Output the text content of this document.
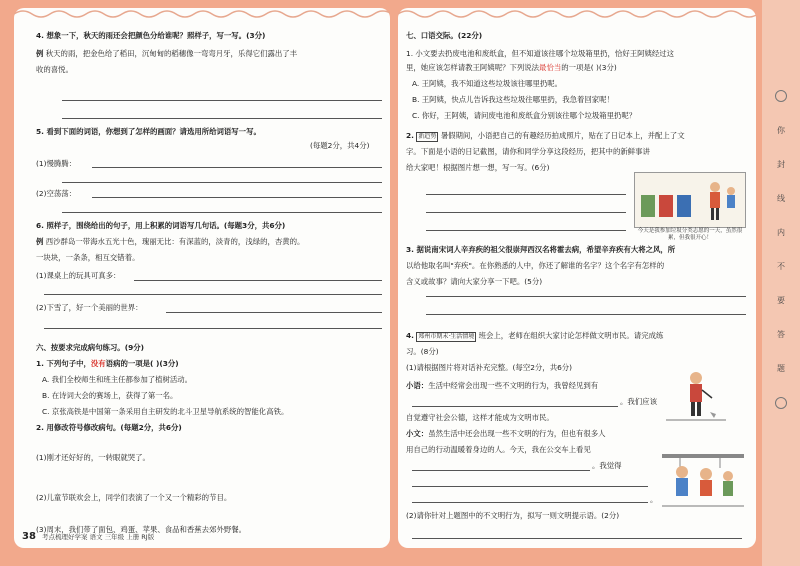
4. 想象一下，秋天的雨还会把颜色分给谁呢？照样子，写一写。(3分)
例 秋天的雨，把金色给了稻田，沉甸甸的稻穗像一弯弯月牙，乐得它们露出了丰
收的喜悦。
5. 看到下面的词语，你想到了怎样的画面？请选用所给词语写一写。
(每题2分，共4分)
(1)慢腾腾：
(2)空荡荡：
6. 照样子，围绕给出的句子，用上积累的词语写几句话。(每题3分，共6分)
例 西沙群岛一带海水五光十色，瑰丽无比：有深蓝的，淡青的，浅绿的，杏黄的。
一块块，一条条，相互交错着。
(1)课桌上的玩具可真多：
(2)下雪了，好一个美丽的世界：
六、按要求完成病句练习。(9分)
1. 下列句子中，没有语病的一项是( )(3分)
A. 我们全校师生和班主任都参加了植树活动。
B. 在诗词大会的赛场上，获得了第一名。
C. 京张高铁是中国第一条采用自主研发的北斗卫星导航系统的智能化高铁。
2. 用修改符号修改病句。(每题2分，共6分)
(1)刚才还好好的，一转眼就哭了。
(2)儿童节联欢会上，同学们表演了一个又一个精彩的节目。
(3)周末，我们带了面包、鸡蛋、苹果、食品和香蕉去郊外野餐。
38 考点梳理好学案 语文 三年级 上册 RJ版
七、口语交际。(22分)
1. 小文要去扔废电池和废纸盒，但不知道该往哪个垃圾箱里扔，恰好王阿姨经过这
里，她应该怎样请教王阿姨呢？下列说法最恰当的一项是( )(3分)
A. 王阿姨，我不知道这些垃圾该往哪里扔呢。
B. 王阿姨，快点儿告诉我这些垃圾往哪里扔，我急着回家呢！
C. 你好，王阿姨，请问废电池和废纸盒分别该往哪个垃圾箱里扔呢？
2. 新趋势 暑假期间，小语把自己的有趣经历拍成照片，贴在了日记本上，并配上了文
字。下面是小语的日记截图，请你和同学分享这段经历，把其中的新鲜事讲
给大家吧！根据图片想一想，写一写。(6分)
今天是我参加垃圾分类志愿的一天，虽然很累，但我很开心！
3. 据说南宋词人辛弃疾的祖父很崇拜西汉名将霍去病，希望辛弃疾有大将之风，所
以给他取名叫"弃疾"。在你熟悉的人中，你还了解谁的名字？这个名字有怎样的
含义或故事？请向大家分享一下吧。(5分)
4. 郑州市期末·生活情境 班会上，老师在组织大家讨论怎样做文明市民。请完成练
习。(8分)
(1)请根据图片将对话补充完整。(每空2分，共6分)
小语：生活中经常会出现一些不文明的行为，我曾经见到有
。我们应该
自觉遵守社会公德，这样才能成为文明市民。
小文：虽然生活中还会出现一些不文明的行为，但也有很多人
用自己的行动温暖着身边的人。今天，我在公交车上看见
。我觉得
。
(2)请你针对上题图中的不文明行为，拟写一则文明提示语。(2分)
你
封
线
内
不
要
答
题
